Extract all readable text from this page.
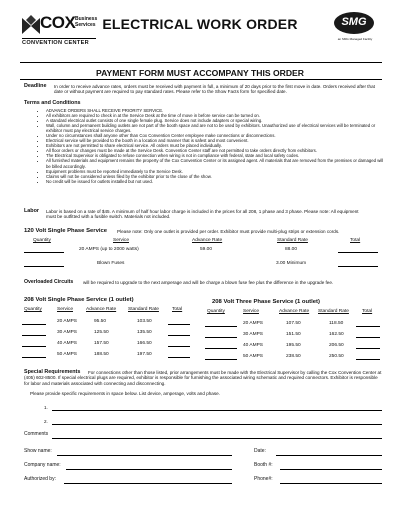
COX Business
Services
CONVENTION CENTER
ELECTRICAL WORK ORDER	SMG
an SMG Managed Facility
PAYMENT FORM MUST ACCOMPANY THIS ORDER
Deadline In order to receive advance rates, orders must be received with payment in full, a minimum of 20 days prior to the first move in date. Orders received after that date or without payment are required to pay standard rates. Please refer to the Show Facts form for specified date.
Terms and Conditions
• ADVANCE ORDERS SHALL RECEIVE PRIORITY SERVICE.
• All exhibitors are required to check in at the Service Desk at the time of move in before service can be turned on.
• A standard electrical outlet consists of one single female plug. Service does not include adapters or special wiring.
• Wall, column and permanent building outlets are not part of the booth space and are not to be used by exhibitors. Unauthorized use of electrical services will be terminated or exhibitor must pay electrical service charges.
• Under no circumstances shall anyone other than Cox Convention Center employee make connections or disconnections.
• Electrical service will be provided to the booth in a location and manner that is safest and most convenient.
• Exhibitors are not permitted to share electrical service. All orders must be placed individually.
• All floor orders or changes must be made at the Service Desk. Convention Center staff are not permitted to take orders directly from exhibitors.
• The Electrical Supervisor is obligated to refuse connection when wiring is not in compliance with federal, state and local safety codes.
• All furnished materials and equipment remains the property of the Cox Convention Center or its assigned agent. All materials that are removed from the premises or damaged will be billed accordingly.
• Equipment problems must be reported immediately to the Service Desk.
• Claims will not be considered unless filed by the exhibitor prior to the close of the show.
• No credit will be issued for outlets installed but not used.
Labor Labor is based on a rate of $45. A minimum of half hour labor charge is included in the prices for all 208, 1 phase and 3 phase. Please note: All equipment must be outfitted with a fusible switch. Materials not included.
120 Volt Single Phase Service Please note: Only one outlet is provided per order. Exhibitor must provide multi-plug strips or extension cords.
Quantity	Service	Advance Rate	Standard Rate	Total
20 AMPS (up to 2000 watts)	59.00	88.00
Blown Fuses	3.00 Minimum
Overloaded Circuits will be required to upgrade to the next amperage and will be charge a blown fuse fee plus the difference in the upgrade fee.
208 Volt Single Phase Service (1 outlet)
Quantity	Service	Advance Rate Standard Rate	Total
20 AMPS	95.50	103.50
30 AMPS	125.50	135.50
40 AMPS	157.50	166.50
50 AMPS	188.50	197.50
208 Volt Three Phase Service (1 outlet)
Quantity	Service	Advance Rate Standard Rate	Total
20 AMPS	107.50	118.50
30 AMPS	151.50	162.50
40 AMPS	195.50	206.50
50 AMPS	238.50	250.50
Special Requirements	For connections other than those listed, prior arrangements must be made with the Electrical Supervisor by calling the Cox Convention Center at (405) 602-8500. If special electrical plugs are required, exhibitor is responsible for furnishing the associated wiring schematic and required connectors. Exhibitor is responsible for labor and materials associated with connecting and disconnecting.
Please provide specific requirements in space below. List device, amperage, volts and phase.
1.
2.
Comments
Show name:	Date:
Company name:	Booth #:
Authorized by:	Phone#:
